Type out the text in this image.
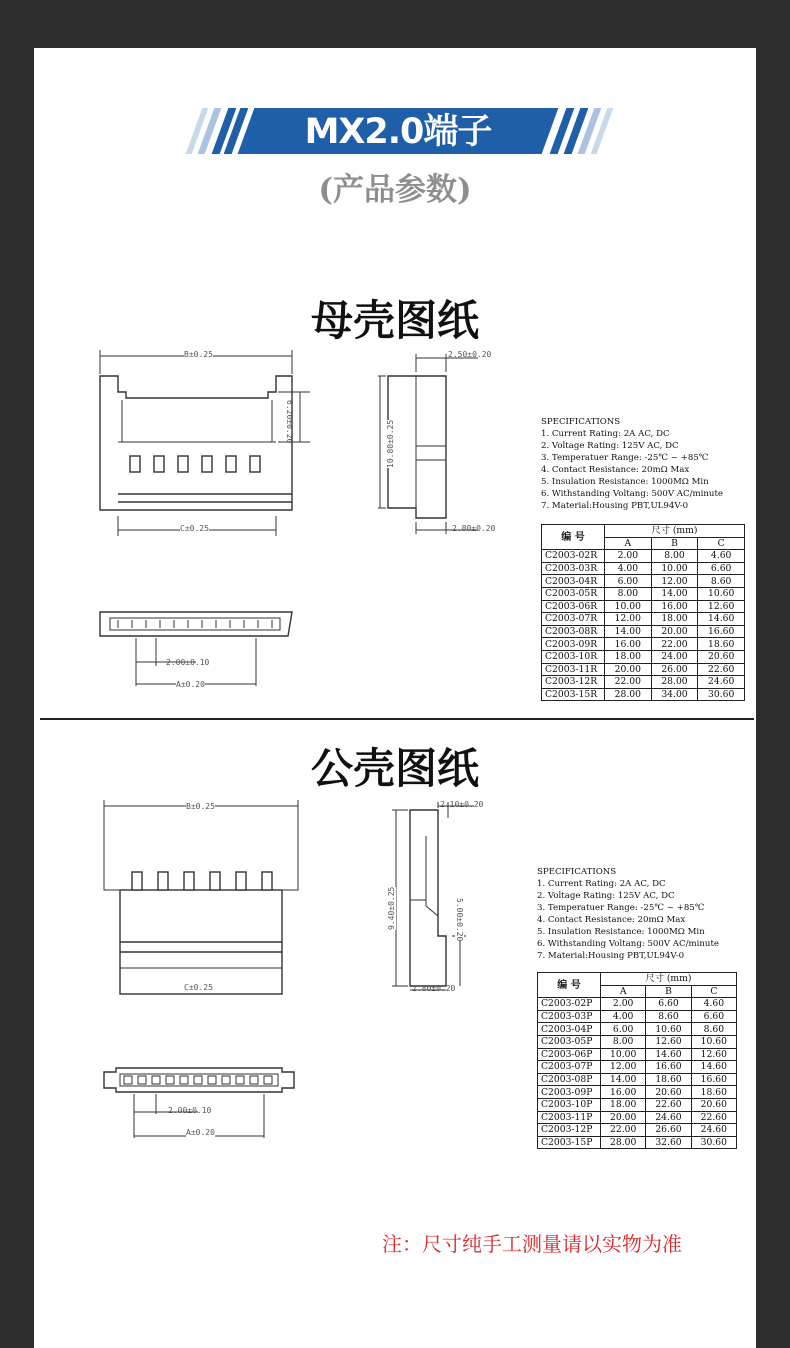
MX2.0端子
(产品参数)
母壳图纸
B±0.25
6.20±0.20
C±0.25
2.50±0.20
10.80±0.25
2.80±0.20
2.00±0.10
A±0.20
SPECIFICATIONS
1. Current Rating: 2A AC, DC
2. Voltage Rating: 125V AC, DC
3. Temperatuer Range: -25℃ ~ +85℃
4. Contact Resistance: 20mΩ Max
5. Insulation Resistance: 1000MΩ Min
6. Withstanding Voltang: 500V AC/minute
7. Material:Housing PBT,UL94V-0
编 号	尺寸 (mm)		
	A	B	C
C2003-02R	2.00	8.00	4.60
C2003-03R	4.00	10.00	6.60
C2003-04R	6.00	12.00	8.60
C2003-05R	8.00	14.00	10.60
C2003-06R	10.00	16.00	12.60
C2003-07R	12.00	18.00	14.60
C2003-08R	14.00	20.00	16.60
C2003-09R	16.00	22.00	18.60
C2003-10R	18.00	24.00	20.60
C2003-11R	20.00	26.00	22.60
C2003-12R	22.00	28.00	24.60
C2003-15R	28.00	34.00	30.60
公壳图纸
B±0.25
C±0.25
2.10±0.20
9.40±0.25	5.00±0.20
2.80±0.20
2.00±0.10
A±0.20
SPECIFICATIONS
1. Current Rating: 2A AC, DC
2. Voltage Rating: 125V AC, DC
3. Temperatuer Range: -25℃ ~ +85℃
4. Contact Resistance: 20mΩ Max
5. Insulation Resistance: 1000MΩ Min
6. Withstanding Voltang: 500V AC/minute
7. Material:Housing PBT,UL94V-0
编 号	尺寸 (mm)		
	A	B	C
C2003-02P	2.00	6.60	4.60
C2003-03P	4.00	8.60	6.60
C2003-04P	6.00	10.60	8.60
C2003-05P	8.00	12.60	10.60
C2003-06P	10.00	14.60	12.60
C2003-07P	12.00	16.60	14.60
C2003-08P	14.00	18.60	16.60
C2003-09P	16.00	20.60	18.60
C2003-10P	18.00	22.60	20.60
C2003-11P	20.00	24.60	22.60
C2003-12P	22.00	26.60	24.60
C2003-15P	28.00	32.60	30.60
注：尺寸纯手工测量请以实物为准
